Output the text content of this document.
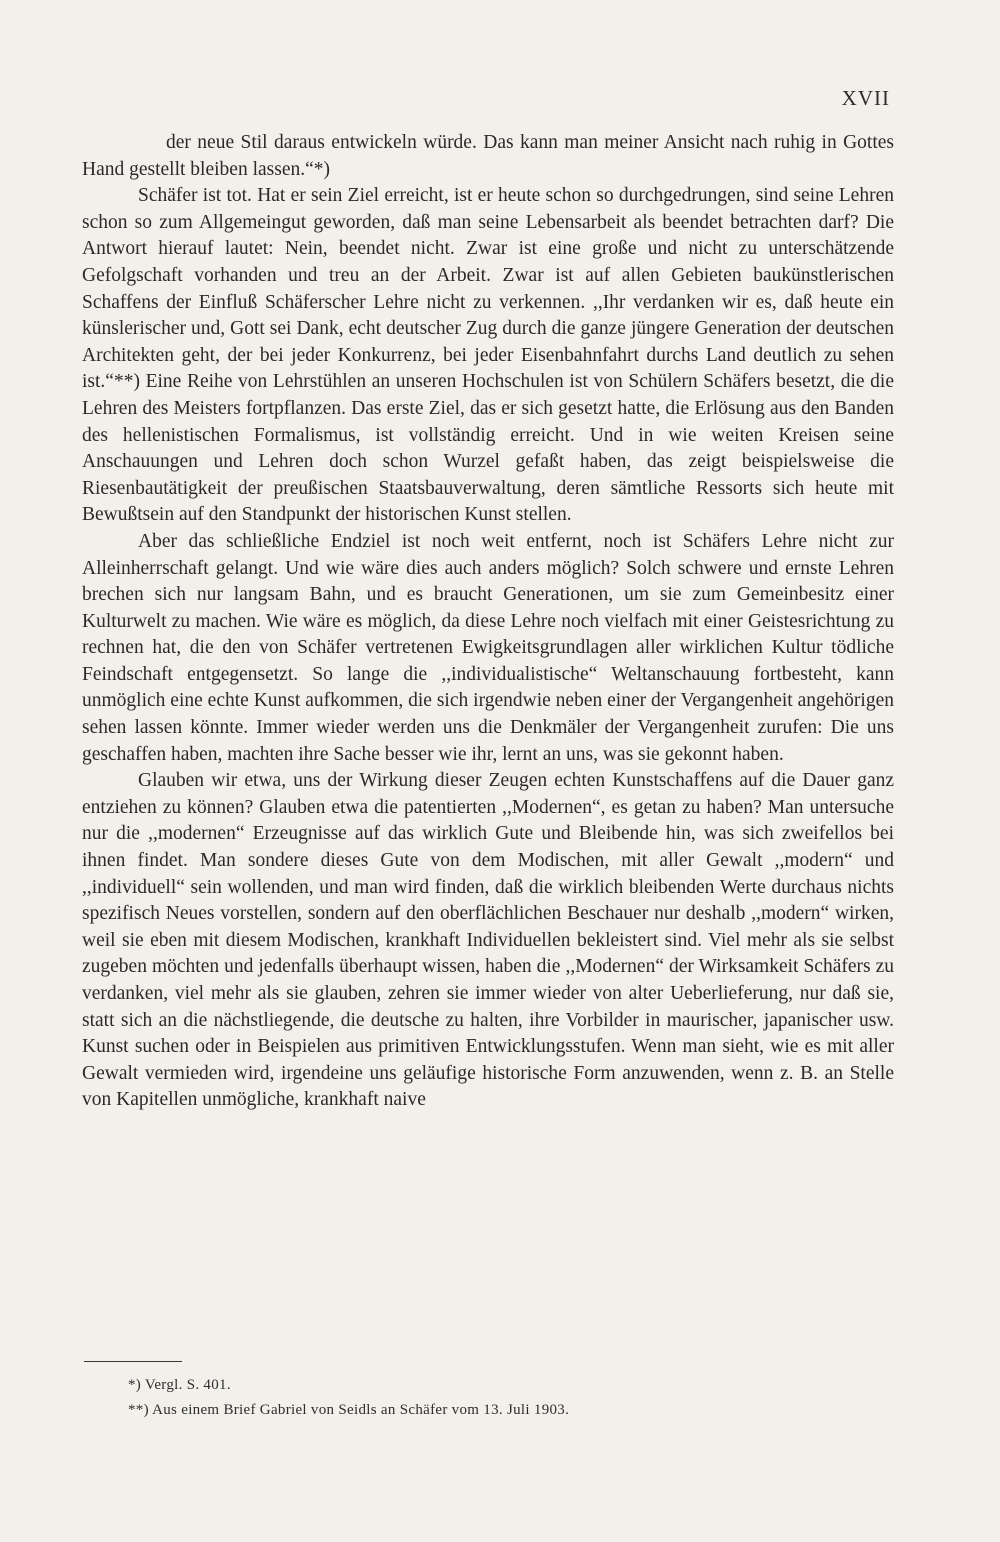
XVII

der neue Stil daraus entwickeln würde. Das kann man meiner Ansicht nach ruhig in Gottes Hand gestellt bleiben lassen.“*)

Schäfer ist tot. Hat er sein Ziel erreicht, ist er heute schon so durchgedrungen, sind seine Lehren schon so zum Allgemeingut geworden, daß man seine Lebensarbeit als beendet betrachten darf? Die Antwort hierauf lautet: Nein, beendet nicht. Zwar ist eine große und nicht zu unterschätzende Gefolgschaft vorhanden und treu an der Arbeit. Zwar ist auf allen Gebieten baukünstlerischen Schaffens der Einfluß Schäferscher Lehre nicht zu verkennen. ,,Ihr verdanken wir es, daß heute ein künslerischer und, Gott sei Dank, echt deutscher Zug durch die ganze jüngere Generation der deutschen Architekten geht, der bei jeder Konkurrenz, bei jeder Eisenbahnfahrt durchs Land deutlich zu sehen ist.“**) Eine Reihe von Lehrstühlen an unseren Hochschulen ist von Schülern Schäfers besetzt, die die Lehren des Meisters fortpflanzen. Das erste Ziel, das er sich gesetzt hatte, die Erlösung aus den Banden des hellenistischen Formalismus, ist vollständig erreicht. Und in wie weiten Kreisen seine Anschauungen und Lehren doch schon Wurzel gefaßt haben, das zeigt beispielsweise die Riesenbautätigkeit der preußischen Staatsbauverwaltung, deren sämtliche Ressorts sich heute mit Bewußtsein auf den Standpunkt der historischen Kunst stellen.

Aber das schließliche Endziel ist noch weit entfernt, noch ist Schäfers Lehre nicht zur Alleinherrschaft gelangt. Und wie wäre dies auch anders möglich? Solch schwere und ernste Lehren brechen sich nur langsam Bahn, und es braucht Generationen, um sie zum Gemeinbesitz einer Kulturwelt zu machen. Wie wäre es möglich, da diese Lehre noch vielfach mit einer Geistesrichtung zu rechnen hat, die den von Schäfer vertretenen Ewigkeitsgrundlagen aller wirklichen Kultur tödliche Feindschaft entgegensetzt. So lange die ,,individualistische“ Weltanschauung fortbesteht, kann unmöglich eine echte Kunst aufkommen, die sich irgendwie neben einer der Vergangenheit angehörigen sehen lassen könnte. Immer wieder werden uns die Denkmäler der Vergangenheit zurufen: Die uns geschaffen haben, machten ihre Sache besser wie ihr, lernt an uns, was sie gekonnt haben.

Glauben wir etwa, uns der Wirkung dieser Zeugen echten Kunstschaffens auf die Dauer ganz entziehen zu können? Glauben etwa die patentierten ,,Modernen“, es getan zu haben? Man untersuche nur die ,,modernen“ Erzeugnisse auf das wirklich Gute und Bleibende hin, was sich zweifellos bei ihnen findet. Man sondere dieses Gute von dem Modischen, mit aller Gewalt ,,modern“ und ,,individuell“ sein wollenden, und man wird finden, daß die wirklich bleibenden Werte durchaus nichts spezifisch Neues vorstellen, sondern auf den oberflächlichen Beschauer nur deshalb ,,modern“ wirken, weil sie eben mit diesem Modischen, krankhaft Individuellen bekleistert sind. Viel mehr als sie selbst zugeben möchten und jedenfalls überhaupt wissen, haben die ,,Modernen“ der Wirksamkeit Schäfers zu verdanken, viel mehr als sie glauben, zehren sie immer wieder von alter Ueberlieferung, nur daß sie, statt sich an die nächstliegende, die deutsche zu halten, ihre Vorbilder in maurischer, japanischer usw. Kunst suchen oder in Beispielen aus primitiven Entwicklungsstufen. Wenn man sieht, wie es mit aller Gewalt vermieden wird, irgendeine uns geläufige historische Form anzuwenden, wenn z. B. an Stelle von Kapitellen unmögliche, krankhaft naive

*) Vergl. S. 401.
**) Aus einem Brief Gabriel von Seidls an Schäfer vom 13. Juli 1903.
